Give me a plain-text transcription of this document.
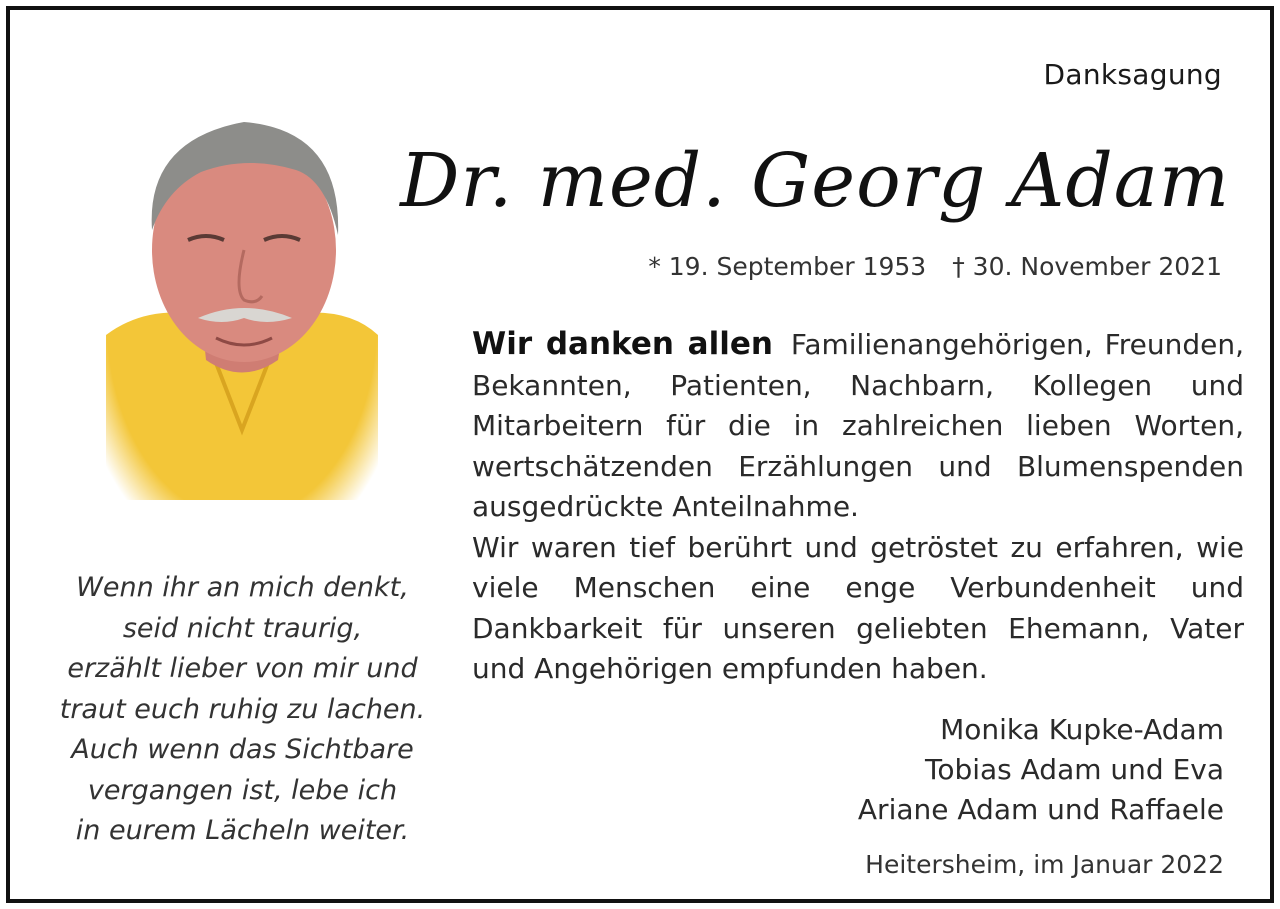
Danksagung
Dr. med. Georg Adam
* 19. September 1953 † 30. November 2021

Wir danken allen Familienangehörigen, Freunden, Bekannten, Patienten, Nachbarn, Kollegen und Mitarbeitern für die in zahlreichen lieben Worten, wertschätzenden Erzählungen und Blumenspenden ausgedrückte Anteilnahme.

Wir waren tief berührt und getröstet zu erfahren, wie viele Menschen eine enge Verbundenheit und Dankbarkeit für unseren geliebten Ehemann, Vater und Angehörigen empfunden haben.

Monika Kupke-Adam
Tobias Adam und Eva
Ariane Adam und Raffaele
Heitersheim, im Januar 2022
Wenn ihr an mich denkt,
seid nicht traurig,
erzählt lieber von mir und
traut euch ruhig zu lachen.
Auch wenn das Sichtbare
vergangen ist, lebe ich
in eurem Lächeln weiter.
